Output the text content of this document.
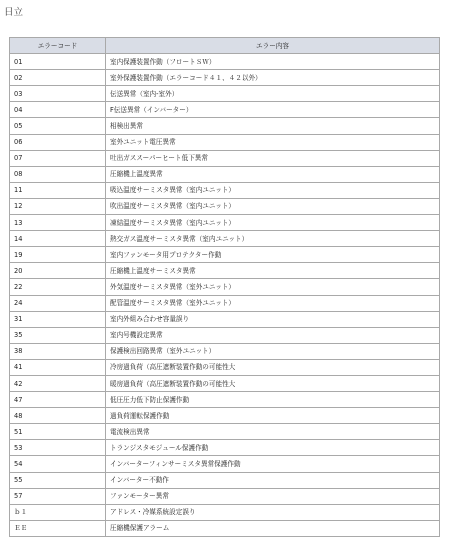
日立
エラーコード	エラー内容
01	室内保護装置作動（フロートＳＷ）
02	室外保護装置作動（エラーコード４１、４２以外）
03	伝送異常（室内-室外）
04	F伝送異常（インバーター）
05	相検出異常
06	室外ユニット電圧異常
07	吐出ガススーパーヒート低下異常
08	圧縮機上温度異常
11	吸込温度サーミスタ異常（室内ユニット）
12	吹出温度サーミスタ異常（室内ユニット）
13	凍結温度サーミスタ異常（室内ユニット）
14	熱交ガス温度サーミスタ異常（室内ユニット）
19	室内ファンモータ用プロテクター作動
20	圧縮機上温度サーミスタ異常
22	外気温度サーミスタ異常（室外ユニット）
24	配管温度サーミスタ異常（室外ユニット）
31	室内外組み合わせ容量誤り
35	室内号機設定異常
38	保護検出回路異常（室外ユニット）
41	冷房過負荷（高圧遮断装置作動の可能性大
42	暖房過負荷（高圧遮断装置作動の可能性大
47	低圧圧力低下防止保護作動
48	過負荷運転保護作動
51	電流検出異常
53	トランジスタモジュール保護作動
54	インバーターフィンサーミスタ異常保護作動
55	インバーター不動作
57	ファンモーター異常
ｂ１	アドレス・冷媒系統設定誤り
ＥＥ	圧縮機保護アラーム
